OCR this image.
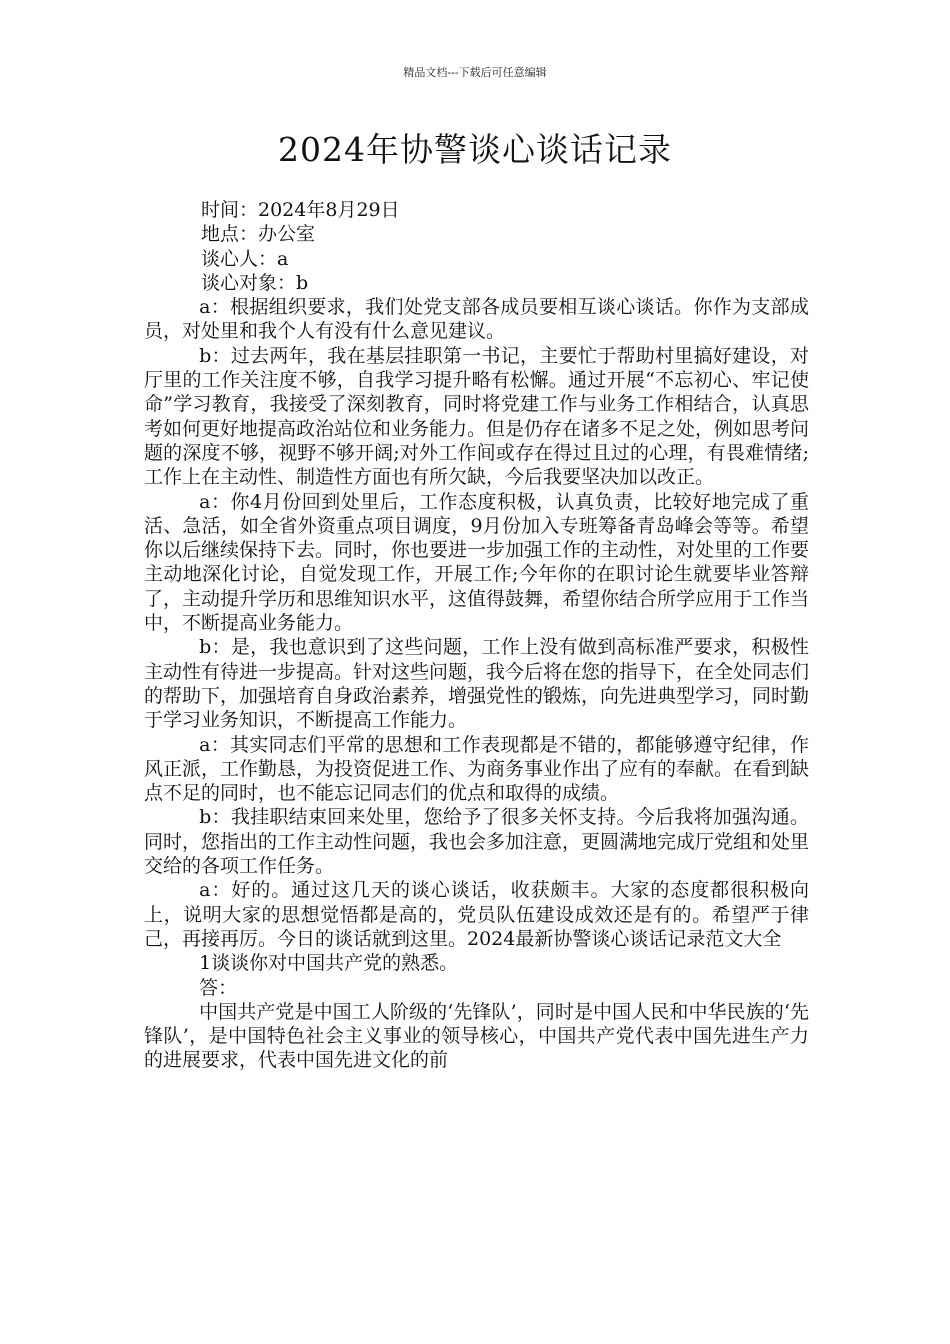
精品文档---下载后可任意编辑
2024年协警谈心谈话记录

时间：2024年8月29日

地点：办公室

谈心人：a

谈心对象：b

a：根据组织要求，我们处党支部各成员要相互谈心谈话。你作为支部成员，对处里和我个人有没有什么意见建议。

b：过去两年，我在基层挂职第一书记，主要忙于帮助村里搞好建设，对厅里的工作关注度不够，自我学习提升略有松懈。通过开展“不忘初心、牢记使命”学习教育，我接受了深刻教育，同时将党建工作与业务工作相结合，认真思考如何更好地提高政治站位和业务能力。但是仍存在诸多不足之处，例如思考问题的深度不够，视野不够开阔;对外工作间或存在得过且过的心理，有畏难情绪;工作上在主动性、制造性方面也有所欠缺，今后我要坚决加以改正。

a：你4月份回到处里后，工作态度积极，认真负责，比较好地完成了重活、急活，如全省外资重点项目调度，9月份加入专班筹备青岛峰会等等。希望你以后继续保持下去。同时，你也要进一步加强工作的主动性，对处里的工作要主动地深化讨论，自觉发现工作，开展工作;今年你的在职讨论生就要毕业答辩了，主动提升学历和思维知识水平，这值得鼓舞，希望你结合所学应用于工作当中，不断提高业务能力。

b：是，我也意识到了这些问题，工作上没有做到高标准严要求，积极性主动性有待进一步提高。针对这些问题，我今后将在您的指导下，在全处同志们的帮助下，加强培育自身政治素养，增强党性的锻炼，向先进典型学习，同时勤于学习业务知识，不断提高工作能力。

a：其实同志们平常的思想和工作表现都是不错的，都能够遵守纪律，作风正派，工作勤恳，为投资促进工作、为商务事业作出了应有的奉献。在看到缺点不足的同时，也不能忘记同志们的优点和取得的成绩。

b：我挂职结束回来处里，您给予了很多关怀支持。今后我将加强沟通。同时，您指出的工作主动性问题，我也会多加注意，更圆满地完成厅党组和处里交给的各项工作任务。

a：好的。通过这几天的谈心谈话，收获颇丰。大家的态度都很积极向上，说明大家的思想觉悟都是高的，党员队伍建设成效还是有的。希望严于律己，再接再厉。今日的谈话就到这里。2024最新协警谈心谈话记录范文大全

1谈谈你对中国共产党的熟悉。

答：

中国共产党是中国工人阶级的‘先锋队’，同时是中国人民和中华民族的‘先锋队’，是中国特色社会主义事业的领导核心，中国共产党代表中国先进生产力的进展要求，代表中国先进文化的前
